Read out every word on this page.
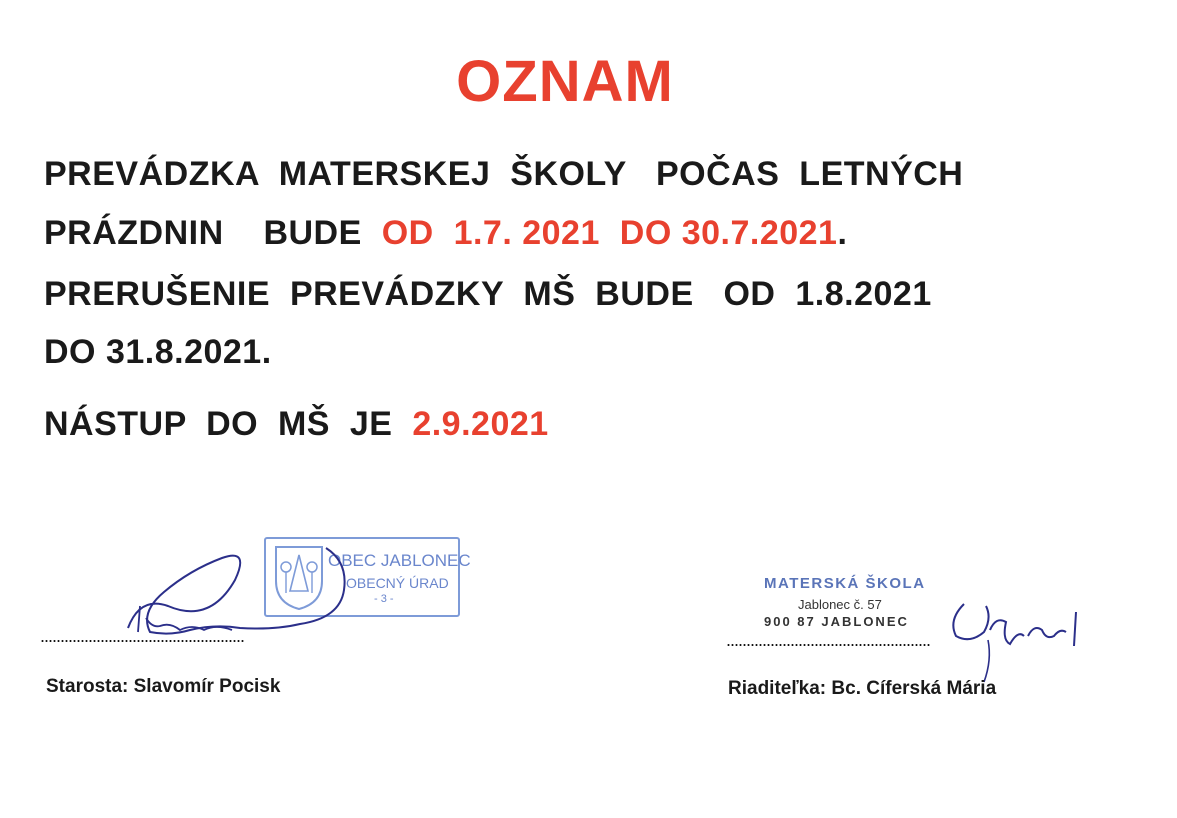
OZNAM
PREVÁDZKA  MATERSKEJ  ŠKOLY   POČAS  LETNÝCH
PRÁZDNIN    BUDE  OD  1.7. 2021  DO 30.7.2021.
PRERUŠENIE  PREVÁDZKY  MŠ  BUDE   OD  1.8.2021
DO 31.8.2021.
NÁSTUP  DO  MŠ  JE  2.9.2021
OBEC JABLONEC
OBECNÝ ÚRAD
- 3 -
...................................................
Starosta: Slavomír Pocisk
MATERSKÁ ŠKOLA
Jablonec č. 57
900 87 JABLONEC
...................................................
Riaditeľka: Bc. Cíferská Mária
